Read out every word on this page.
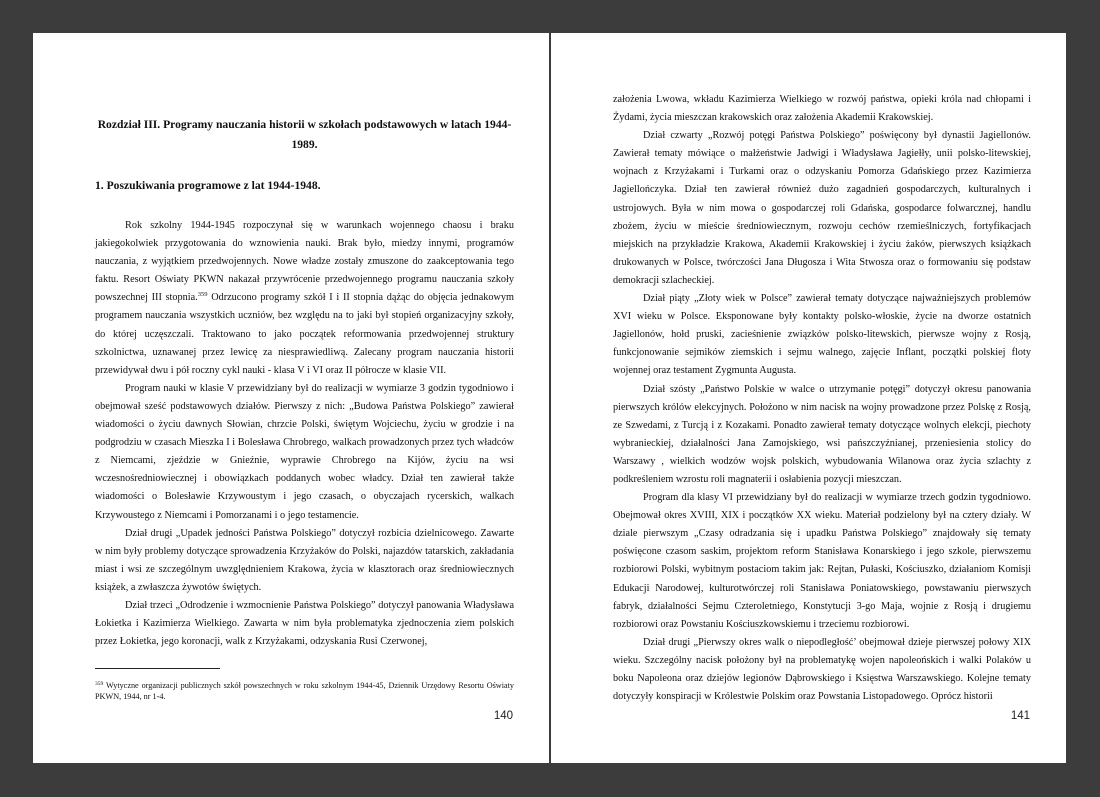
Rozdział III. Programy nauczania historii w szkołach podstawowych w latach 1944-1989.
1. Poszukiwania programowe z lat 1944-1948.

Rok szkolny 1944-1945 rozpoczynał się w warunkach wojennego chaosu i braku jakiegokolwiek przygotowania do wznowienia nauki. Brak było, miedzy innymi, programów nauczania, z wyjątkiem przedwojennych. Nowe władze zostały zmuszone do zaakceptowania tego faktu. Resort Oświaty PKWN nakazał przywrócenie przedwojennego programu nauczania szkoły powszechnej III stopnia.$^{359}$ Odrzucono programy szkół I i II stopnia dążąc do objęcia jednakowym programem nauczania wszystkich uczniów, bez względu na to jaki był stopień organizacyjny szkoły, do której uczęszczali. Traktowano to jako początek reformowania przedwojennej struktury szkolnictwa, uznawanej przez lewicę za niesprawiedliwą. Zalecany program nauczania historii przewidywał dwu i pół roczny cykl nauki - klasa V i VI oraz II półrocze w klasie VII.

Program nauki w klasie V przewidziany był do realizacji w wymiarze 3 godzin tygodniowo i obejmował sześć podstawowych działów. Pierwszy z nich: „Budowa Państwa Polskiego” zawierał wiadomości o życiu dawnych Słowian, chrzcie Polski, świętym Wojciechu, życiu w grodzie i na podgrodziu w czasach Mieszka I i Bolesława Chrobrego, walkach prowadzonych przez tych władców z Niemcami, zjeździe w Gnieźnie, wyprawie Chrobrego na Kijów, życiu na wsi wczesnośredniowiecznej i obowiązkach poddanych wobec władcy. Dział ten zawierał także wiadomości o Bolesławie Krzywoustym i jego czasach, o obyczajach rycerskich, walkach Krzywoustego z Niemcami i Pomorzanami i o jego testamencie.

Dział drugi „Upadek jedności Państwa Polskiego” dotyczył rozbicia dzielnicowego. Zawarte w nim były problemy dotyczące sprowadzenia Krzyżaków do Polski, najazdów tatarskich, zakładania miast i wsi ze szczególnym uwzględnieniem Krakowa, życia w klasztorach oraz średniowiecznych książek, a zwłaszcza żywotów świętych.

Dział trzeci „Odrodzenie i wzmocnienie Państwa Polskiego” dotyczył panowania Władysława Łokietka i Kazimierza Wielkiego. Zawarta w nim była problematyka zjednoczenia ziem polskich przez Łokietka, jego koronacji, walk z Krzyżakami, odzyskania Rusi Czerwonej,

$^{359}$ Wytyczne organizacji publicznych szkół powszechnych w roku szkolnym 1944-45, Dziennik Urzędowy Resortu Oświaty PKWN, 1944, nr 1-4.
140

założenia Lwowa, wkładu Kazimierza Wielkiego w rozwój państwa, opieki króla nad chłopami i Żydami, życia mieszczan krakowskich oraz założenia Akademii Krakowskiej.

Dział czwarty „Rozwój potęgi Państwa Polskiego” poświęcony był dynastii Jagiellonów. Zawierał tematy mówiące o małżeństwie Jadwigi i Władysława Jagiełły, unii polsko-litewskiej, wojnach z Krzyżakami i Turkami oraz o odzyskaniu Pomorza Gdańskiego przez Kazimierza Jagiellończyka. Dział ten zawierał również dużo zagadnień gospodarczych, kulturalnych i ustrojowych. Była w nim mowa o gospodarczej roli Gdańska, gospodarce folwarcznej, handlu zbożem, życiu w mieście średniowiecznym, rozwoju cechów rzemieślniczych, fortyfikacjach miejskich na przykładzie Krakowa, Akademii Krakowskiej i życiu żaków, pierwszych książkach drukowanych w Polsce, twórczości Jana Długosza i Wita Stwosza oraz o formowaniu się podstaw demokracji szlacheckiej.

Dział piąty „Złoty wiek w Polsce” zawierał tematy dotyczące najważniejszych problemów XVI wieku w Polsce. Eksponowane były kontakty polsko-włoskie, życie na dworze ostatnich Jagiellonów, hołd pruski, zacieśnienie związków polsko-litewskich, pierwsze wojny z Rosją, funkcjonowanie sejmików ziemskich i sejmu walnego, zajęcie Inflant, początki polskiej floty wojennej oraz testament Zygmunta Augusta.

Dział szósty „Państwo Polskie w walce o utrzymanie potęgi” dotyczył okresu panowania pierwszych królów elekcyjnych. Położono w nim nacisk na wojny prowadzone przez Polskę z Rosją, ze Szwedami, z Turcją i z Kozakami. Ponadto zawierał tematy dotyczące wolnych elekcji, piechoty wybranieckiej, działalności Jana Zamojskiego, wsi pańszczyźnianej, przeniesienia stolicy do Warszawy , wielkich wodzów wojsk polskich, wybudowania Wilanowa oraz życia szlachty z podkreśleniem wzrostu roli magnaterii i osłabienia pozycji mieszczan.

Program dla klasy VI przewidziany był do realizacji w wymiarze trzech godzin tygodniowo. Obejmował okres XVIII, XIX i początków XX wieku. Materiał podzielony był na cztery działy. W dziale pierwszym „Czasy odradzania się i upadku Państwa Polskiego” znajdowały się tematy poświęcone czasom saskim, projektom reform Stanisława Konarskiego i jego szkole, pierwszemu rozbiorowi Polski, wybitnym postaciom takim jak: Rejtan, Pułaski, Kościuszko, działaniom Komisji Edukacji Narodowej, kulturotwórczej roli Stanisława Poniatowskiego, powstawaniu pierwszych fabryk, działalności Sejmu Czteroletniego, Konstytucji 3-go Maja, wojnie z Rosją i drugiemu rozbiorowi oraz Powstaniu Kościuszkowskiemu i trzeciemu rozbiorowi.

Dział drugi „Pierwszy okres walk o niepodległość’ obejmował dzieje pierwszej połowy XIX wieku. Szczególny nacisk położony był na problematykę wojen napoleońskich i walki Polaków u boku Napoleona oraz dziejów legionów Dąbrowskiego i Księstwa Warszawskiego. Kolejne tematy dotyczyły konspiracji w Królestwie Polskim oraz Powstania Listopadowego. Oprócz historii

141
